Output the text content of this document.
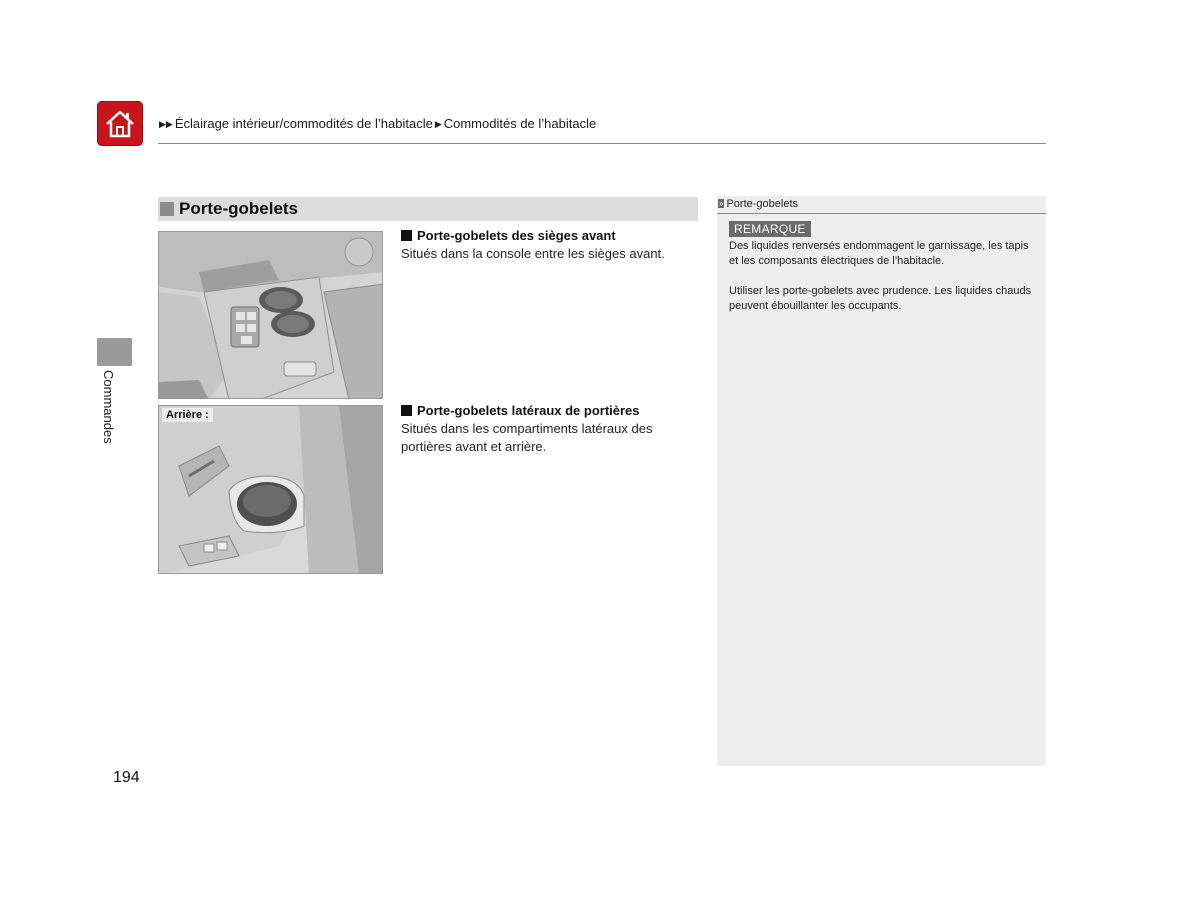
▶▶ Éclairage intérieur/commodités de l’habitacle ▶ Commodités de l’habitacle
Commandes
Porte-gobelets
Arrière :
Porte-gobelets des sièges avant
Situés dans la console entre les sièges avant.
Porte-gobelets latéraux de portières
Situés dans les compartiments latéraux des portières avant et arrière.
» Porte-gobelets
REMARQUE
Des liquides renversés endommagent le garnissage, les tapis et les composants électriques de l’habitacle.
Utiliser les porte-gobelets avec prudence. Les liquides chauds peuvent ébouillanter les occupants.
194
